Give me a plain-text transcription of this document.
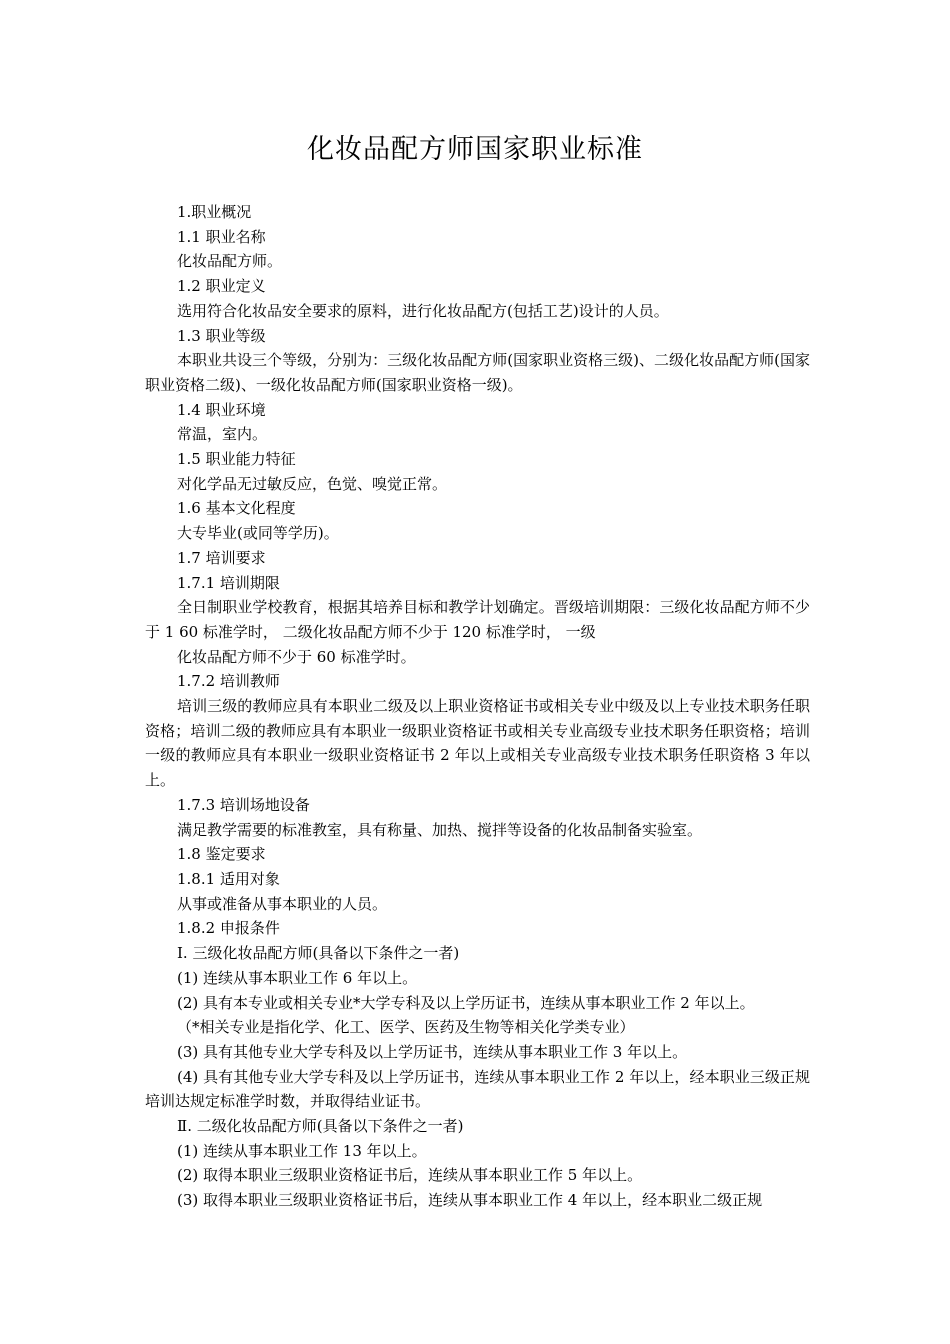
化妆品配方师国家职业标准

1.职业概况

1.1 职业名称

化妆品配方师。

1.2 职业定义

选用符合化妆品安全要求的原料，进行化妆品配方(包括工艺)设计的人员。

1.3 职业等级

本职业共设三个等级，分别为：三级化妆品配方师(国家职业资格三级)、二级化妆品配方师(国家职业资格二级)、一级化妆品配方师(国家职业资格一级)。

1.4 职业环境

常温，室内。

1.5 职业能力特征

对化学品无过敏反应，色觉、嗅觉正常。

1.6 基本文化程度

大专毕业(或同等学历)。

1.7 培训要求

1.7.1 培训期限

全日制职业学校教育，根据其培养目标和教学计划确定。晋级培训期限：三级化妆品配方师不少于 1 60 标准学时， 二级化妆品配方师不少于 120 标准学时， 一级

化妆品配方师不少于 60 标准学时。

1.7.2 培训教师

培训三级的教师应具有本职业二级及以上职业资格证书或相关专业中级及以上专业技术职务任职资格；培训二级的教师应具有本职业一级职业资格证书或相关专业高级专业技术职务任职资格；培训一级的教师应具有本职业一级职业资格证书 2 年以上或相关专业高级专业技术职务任职资格 3 年以上。

1.7.3 培训场地设备

满足教学需要的标准教室，具有称量、加热、搅拌等设备的化妆品制备实验室。

1.8 鉴定要求

1.8.1 适用对象

从事或准备从事本职业的人员。

1.8.2 申报条件

Ⅰ. 三级化妆品配方师(具备以下条件之一者)

(1) 连续从事本职业工作 6 年以上。

(2) 具有本专业或相关专业*大学专科及以上学历证书，连续从事本职业工作 2 年以上。

（*相关专业是指化学、化工、医学、医药及生物等相关化学类专业）

(3) 具有其他专业大学专科及以上学历证书，连续从事本职业工作 3 年以上。

(4) 具有其他专业大学专科及以上学历证书，连续从事本职业工作 2 年以上，经本职业三级正规培训达规定标准学时数，并取得结业证书。

Ⅱ. 二级化妆品配方师(具备以下条件之一者)

(1) 连续从事本职业工作 13 年以上。

(2) 取得本职业三级职业资格证书后，连续从事本职业工作 5 年以上。

(3) 取得本职业三级职业资格证书后，连续从事本职业工作 4 年以上，经本职业二级正规
